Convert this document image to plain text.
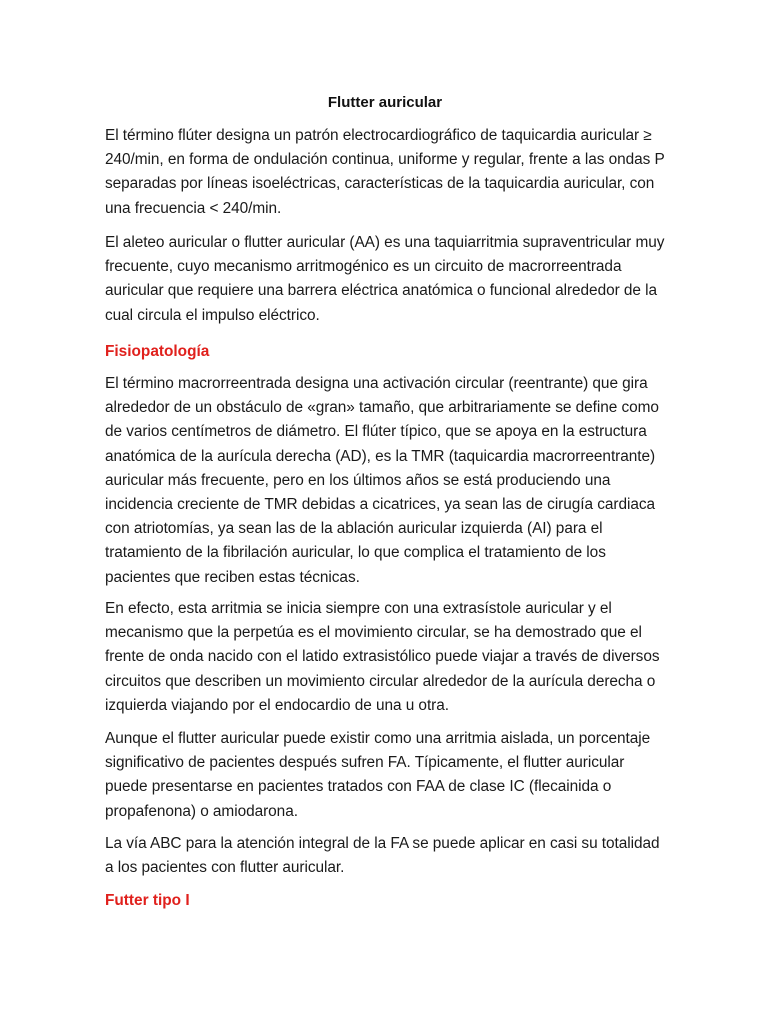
Flutter auricular

El término flúter designa un patrón electrocardiográfico de taquicardia auricular ≥ 240/min, en forma de ondulación continua, uniforme y regular, frente a las ondas P separadas por líneas isoeléctricas, características de la taquicardia auricular, con una frecuencia < 240/min.

El aleteo auricular o flutter auricular (AA) es una taquiarritmia supraventricular muy frecuente, cuyo mecanismo arritmogénico es un circuito de macrorreentrada auricular que requiere una barrera eléctrica anatómica o funcional alrededor de la cual circula el impulso eléctrico.

Fisiopatología

El término macrorreentrada designa una activación circular (reentrante) que gira alrededor de un obstáculo de «gran» tamaño, que arbitrariamente se define como de varios centímetros de diámetro. El flúter típico, que se apoya en la estructura anatómica de la aurícula derecha (AD), es la TMR (taquicardia macrorreentrante) auricular más frecuente, pero en los últimos años se está produciendo una incidencia creciente de TMR debidas a cicatrices, ya sean las de cirugía cardiaca con atriotomías, ya sean las de la ablación auricular izquierda (AI) para el tratamiento de la fibrilación auricular, lo que complica el tratamiento de los pacientes que reciben estas técnicas.

En efecto, esta arritmia se inicia siempre con una extrasístole auricular y el mecanismo que la perpetúa es el movimiento circular, se ha demostrado que el frente de onda nacido con el latido extrasistólico puede viajar a través de diversos circuitos que describen un movimiento circular alrededor de la aurícula derecha o izquierda viajando por el endocardio de una u otra.

Aunque el flutter auricular puede existir como una arritmia aislada, un porcentaje significativo de pacientes después sufren FA. Típicamente, el flutter auricular puede presentarse en pacientes tratados con FAA de clase IC (flecainida o propafenona) o amiodarona.

La vía ABC para la atención integral de la FA se puede aplicar en casi su totalidad a los pacientes con flutter auricular.

Futter tipo I
